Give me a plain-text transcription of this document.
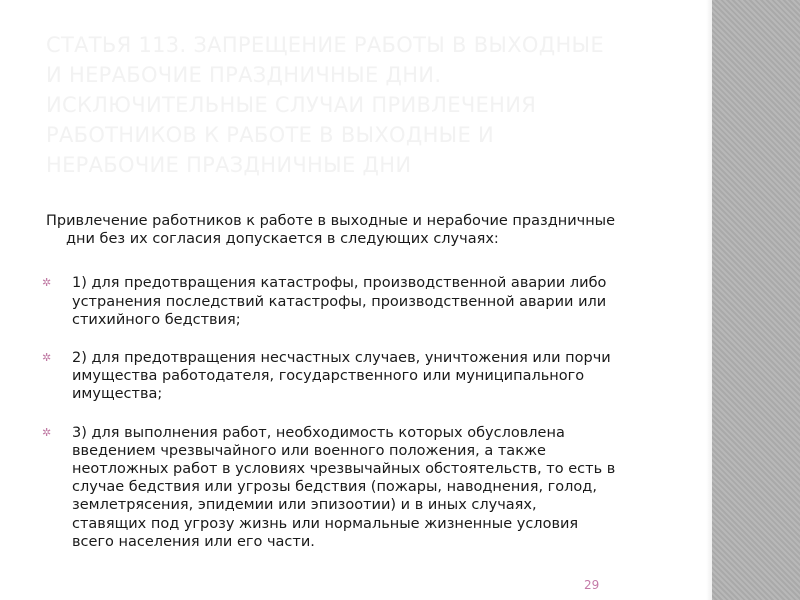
СТАТЬЯ 113. ЗАПРЕЩЕНИЕ РАБОТЫ В ВЫХОДНЫЕ
И НЕРАБОЧИЕ ПРАЗДНИЧНЫЕ ДНИ.
ИСКЛЮЧИТЕЛЬНЫЕ СЛУЧАИ ПРИВЛЕЧЕНИЯ
РАБОТНИКОВ К РАБОТЕ В ВЫХОДНЫЕ И
НЕРАБОЧИЕ ПРАЗДНИЧНЫЕ ДНИ

Привлечение работников к работе в выходные и нерабочие праздничные
дни без их согласия допускается в следующих случаях:

✲ 1) для предотвращения катастрофы, производственной аварии либо
устранения последствий катастрофы, производственной аварии или
стихийного бедствия;
✲ 2) для предотвращения несчастных случаев, уничтожения или порчи
имущества работодателя, государственного или муниципального
имущества;
✲ 3) для выполнения работ, необходимость которых обусловлена
введением чрезвычайного или военного положения, а также
неотложных работ в условиях чрезвычайных обстоятельств, то есть в
случае бедствия или угрозы бедствия (пожары, наводнения, голод,
землетрясения, эпидемии или эпизоотии) и в иных случаях,
ставящих под угрозу жизнь или нормальные жизненные условия
всего населения или его части.
29
